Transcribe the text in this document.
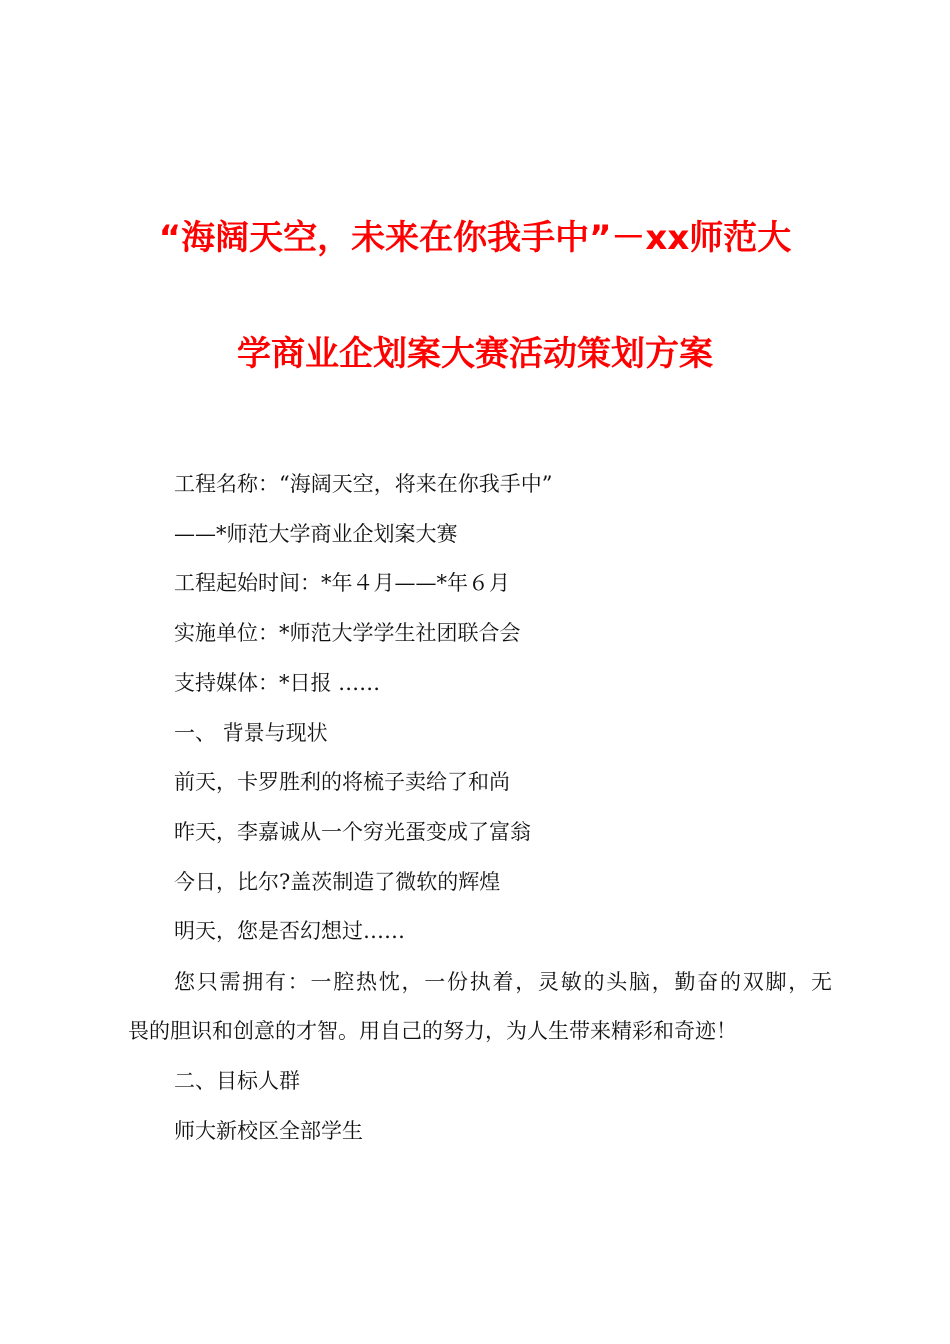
“海阔天空，未来在你我手中”－xx师范大
学商业企划案大赛活动策划方案
工程名称：“海阔天空，将来在你我手中”
——*师范大学商业企划案大赛
工程起始时间：*年４月——*年６月
实施单位：*师范大学学生社团联合会
支持媒体：*日报 ……
一、 背景与现状
前天，卡罗胜利的将梳子卖给了和尚
昨天，李嘉诚从一个穷光蛋变成了富翁
今日，比尔?盖茨制造了微软的辉煌
明天，您是否幻想过……
您只需拥有：一腔热忱，一份执着，灵敏的头脑，勤奋的双脚，无
畏的胆识和创意的才智。用自己的努力，为人生带来精彩和奇迹！
二、目标人群
师大新校区全部学生
